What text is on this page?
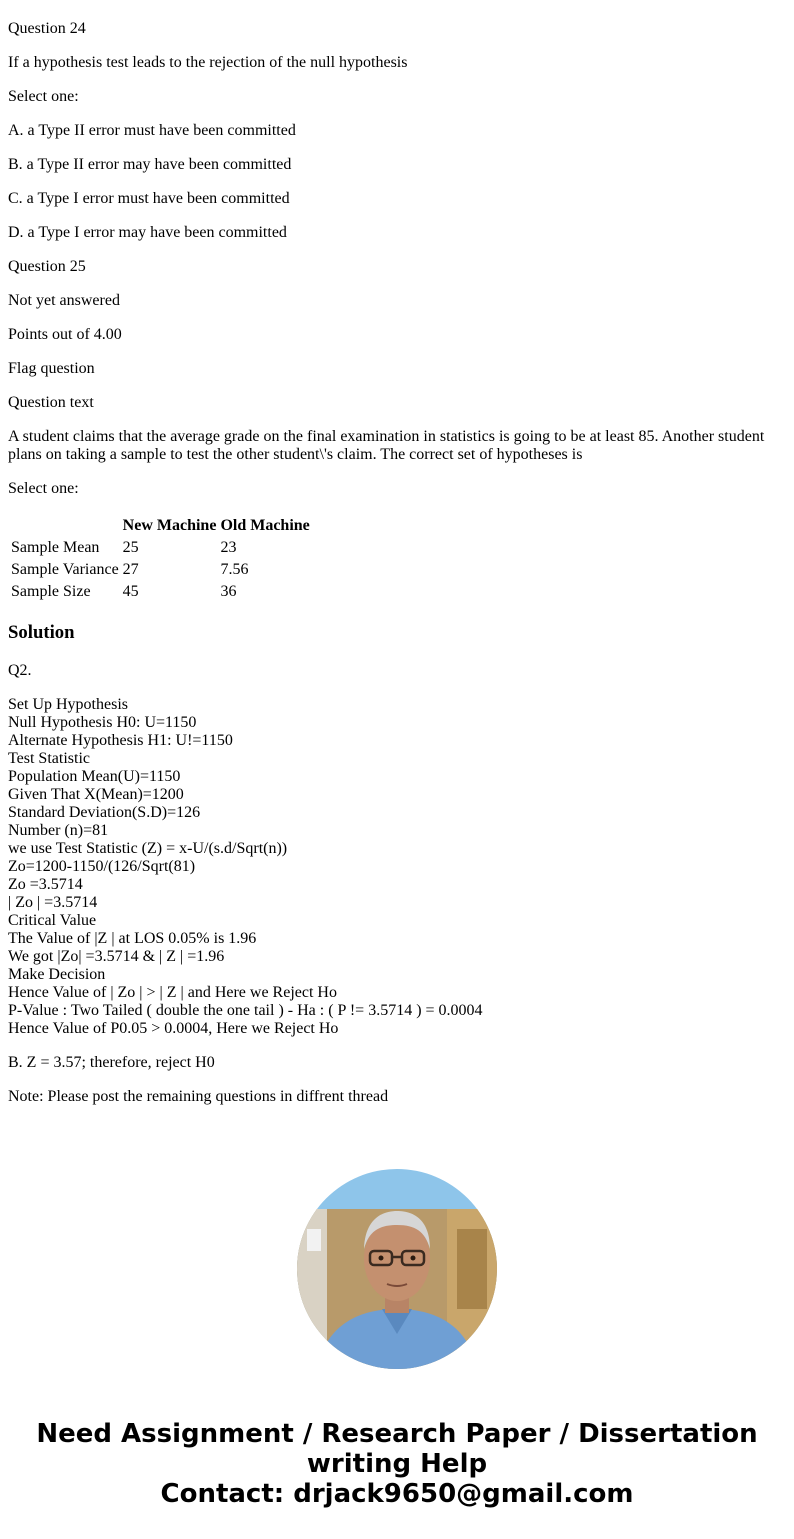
Question 24

If a hypothesis test leads to the rejection of the null hypothesis

Select one:

A. a Type II error must have been committed

B. a Type II error may have been committed

C. a Type I error must have been committed

D. a Type I error may have been committed

Question 25

Not yet answered

Points out of 4.00

Flag question

Question text

A student claims that the average grade on the final examination in statistics is going to be at least 85. Another student plans on taking a sample to test the other student\'s claim. The correct set of hypotheses is

Select one:

	New Machine	Old Machine
Sample Mean	25	23
Sample Variance	27	7.56
Sample Size	45	36
Solution

Q2.

Set Up Hypothesis
Null Hypothesis H0: U=1150
Alternate Hypothesis H1: U!=1150
Test Statistic
Population Mean(U)=1150
Given That X(Mean)=1200
Standard Deviation(S.D)=126
Number (n)=81
we use Test Statistic (Z) = x-U/(s.d/Sqrt(n))
Zo=1200-1150/(126/Sqrt(81)
Zo =3.5714
| Zo | =3.5714
Critical Value
The Value of |Z | at LOS 0.05% is 1.96
We got |Zo| =3.5714 & | Z | =1.96
Make Decision
Hence Value of | Zo | > | Z | and Here we Reject Ho
P-Value : Two Tailed ( double the one tail ) - Ha : ( P != 3.5714 ) = 0.0004
Hence Value of P0.05 > 0.0004, Here we Reject Ho

B. Z = 3.57; therefore, reject H0

Note: Please post the remaining questions in diffrent thread

Need Assignment / Research Paper / Dissertation
writing Help
Contact: drjack9650@gmail.com
